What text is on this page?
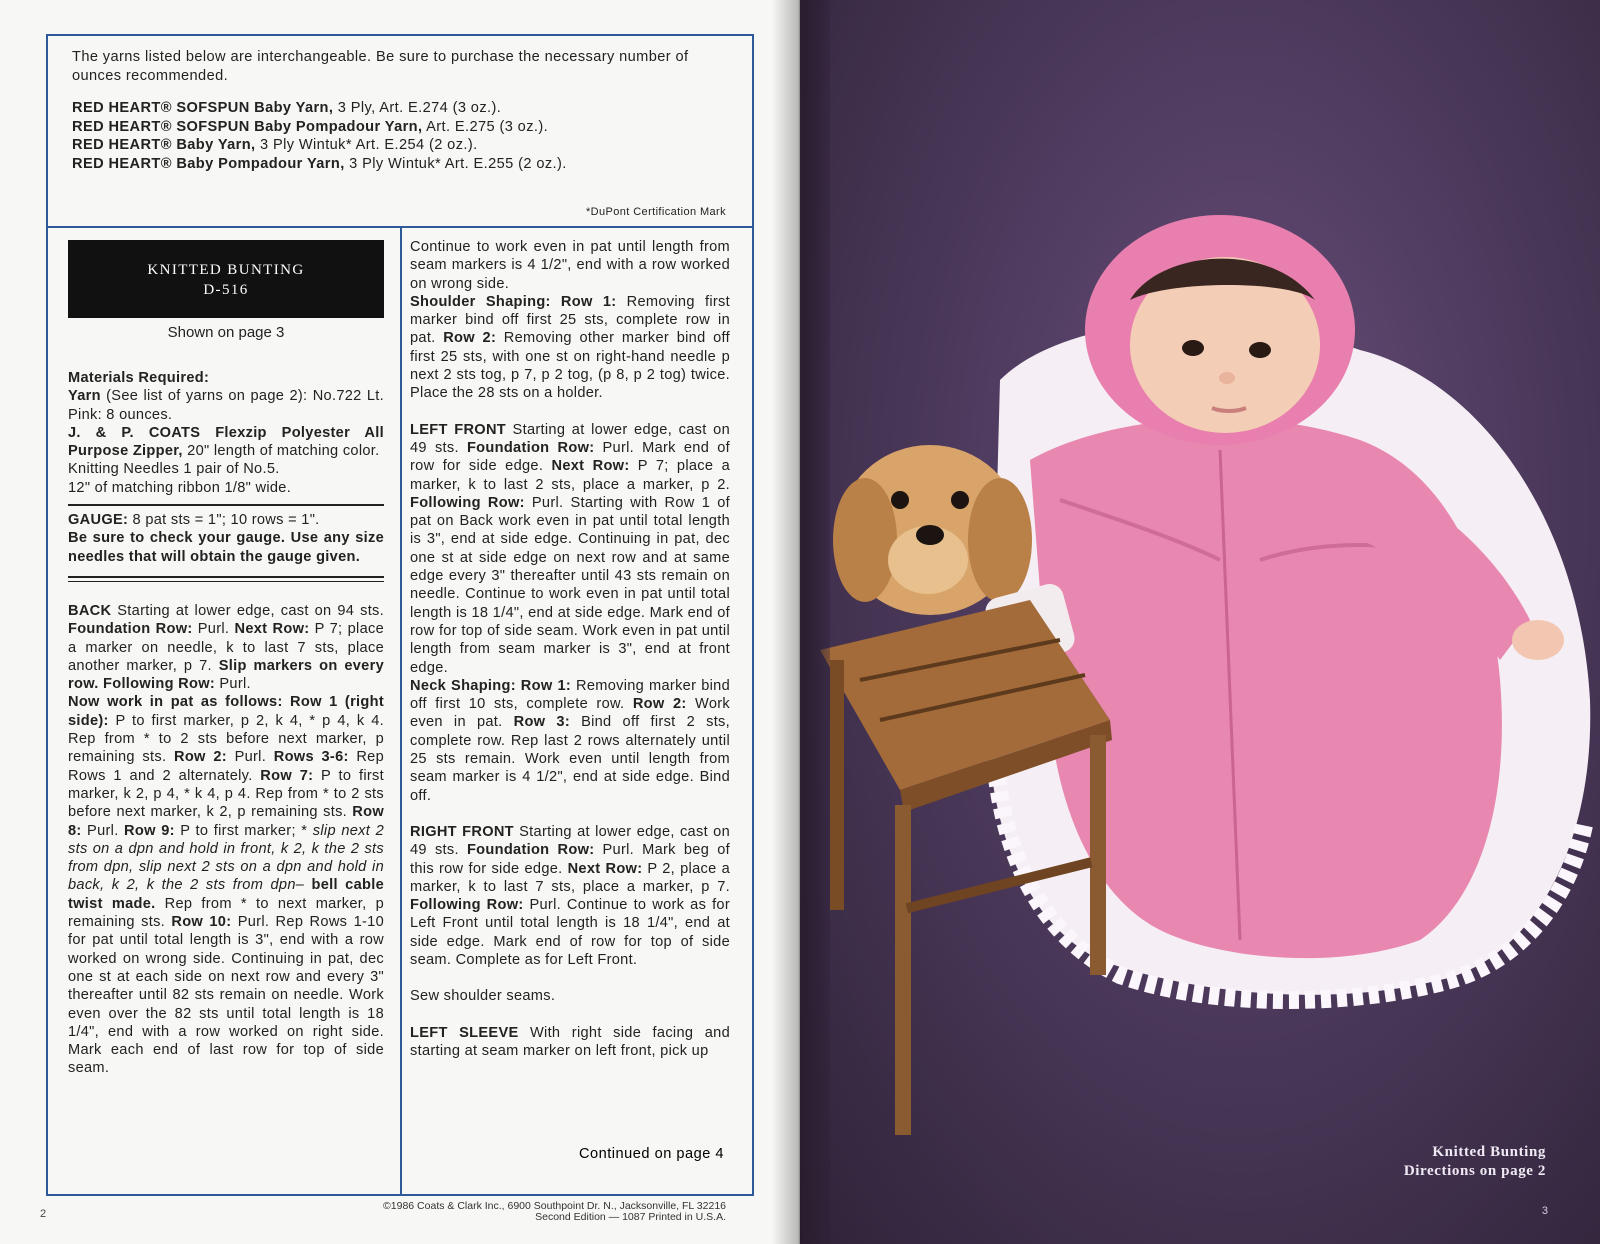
The yarns listed below are interchangeable. Be sure to purchase the necessary number of ounces recommended.

RED HEART® SOFSPUN Baby Yarn, 3 Ply, Art. E.274 (3 oz.).

RED HEART® SOFSPUN Baby Pompadour Yarn, Art. E.275 (3 oz.).

RED HEART® Baby Yarn, 3 Ply Wintuk* Art. E.254 (2 oz.).

RED HEART® Baby Pompadour Yarn, 3 Ply Wintuk* Art. E.255 (2 oz.).

*DuPont Certification Mark
KNITTED BUNTING
D-516
Shown on page 3

Materials Required:
Yarn (See list of yarns on page 2): No.722 Lt. Pink: 8 ounces.
J. & P. COATS Flexzip Polyester All Purpose Zipper, 20" length of matching color.
Knitting Needles 1 pair of No.5.
12" of matching ribbon 1/8" wide.

GAUGE: 8 pat sts = 1"; 10 rows = 1".
Be sure to check your gauge. Use any size needles that will obtain the gauge given.

BACK Starting at lower edge, cast on 94 sts. Foundation Row: Purl. Next Row: P 7; place a marker on needle, k to last 7 sts, place another marker, p 7. Slip markers on every row. Following Row: Purl.

Now work in pat as follows: Row 1 (right side): P to first marker, p 2, k 4, * p 4, k 4. Rep from * to 2 sts before next marker, p remaining sts. Row 2: Purl. Rows 3-6: Rep Rows 1 and 2 alternately. Row 7: P to first marker, k 2, p 4, * k 4, p 4. Rep from * to 2 sts before next marker, k 2, p remaining sts. Row 8: Purl. Row 9: P to first marker; * slip next 2 sts on a dpn and hold in front, k 2, k the 2 sts from dpn, slip next 2 sts on a dpn and hold in back, k 2, k the 2 sts from dpn– bell cable twist made. Rep from * to next marker, p remaining sts. Row 10: Purl. Rep Rows 1-10 for pat until total length is 3", end with a row worked on wrong side. Continuing in pat, dec one st at each side on next row and every 3" thereafter until 82 sts remain on needle. Work even over the 82 sts until total length is 18 1/4", end with a row worked on right side. Mark each end of last row for top of side seam.

Continue to work even in pat until length from seam markers is 4 1/2", end with a row worked on wrong side.
Shoulder Shaping: Row 1: Removing first marker bind off first 25 sts, complete row in pat. Row 2: Removing other marker bind off first 25 sts, with one st on right-hand needle p next 2 sts tog, p 7, p 2 tog, (p 8, p 2 tog) twice. Place the 28 sts on a holder.

LEFT FRONT Starting at lower edge, cast on 49 sts. Foundation Row: Purl. Mark end of row for side edge. Next Row: P 7; place a marker, k to last 2 sts, place a marker, p 2. Following Row: Purl. Starting with Row 1 of pat on Back work even in pat until total length is 3", end at side edge. Continuing in pat, dec one st at side edge on next row and at same edge every 3" thereafter until 43 sts remain on needle. Continue to work even in pat until total length is 18 1/4", end at side edge. Mark end of row for top of side seam. Work even in pat until length from seam marker is 3", end at front edge.
Neck Shaping: Row 1: Removing marker bind off first 10 sts, complete row. Row 2: Work even in pat. Row 3: Bind off first 2 sts, complete row. Rep last 2 rows alternately until 25 sts remain. Work even until length from seam marker is 4 1/2", end at side edge. Bind off.

RIGHT FRONT Starting at lower edge, cast on 49 sts. Foundation Row: Purl. Mark beg of this row for side edge. Next Row: P 2, place a marker, k to last 7 sts, place a marker, p 7. Following Row: Purl. Continue to work as for Left Front until total length is 18 1/4", end at side edge. Mark end of row for top of side seam. Complete as for Left Front.

Sew shoulder seams.

LEFT SLEEVE With right side facing and starting at seam marker on left front, pick up

Continued on page 4
2
©1986 Coats & Clark Inc., 6900 Southpoint Dr. N., Jacksonville, FL 32216
Second Edition — 1087 Printed in U.S.A.
Knitted Bunting
Directions on page 2
3
